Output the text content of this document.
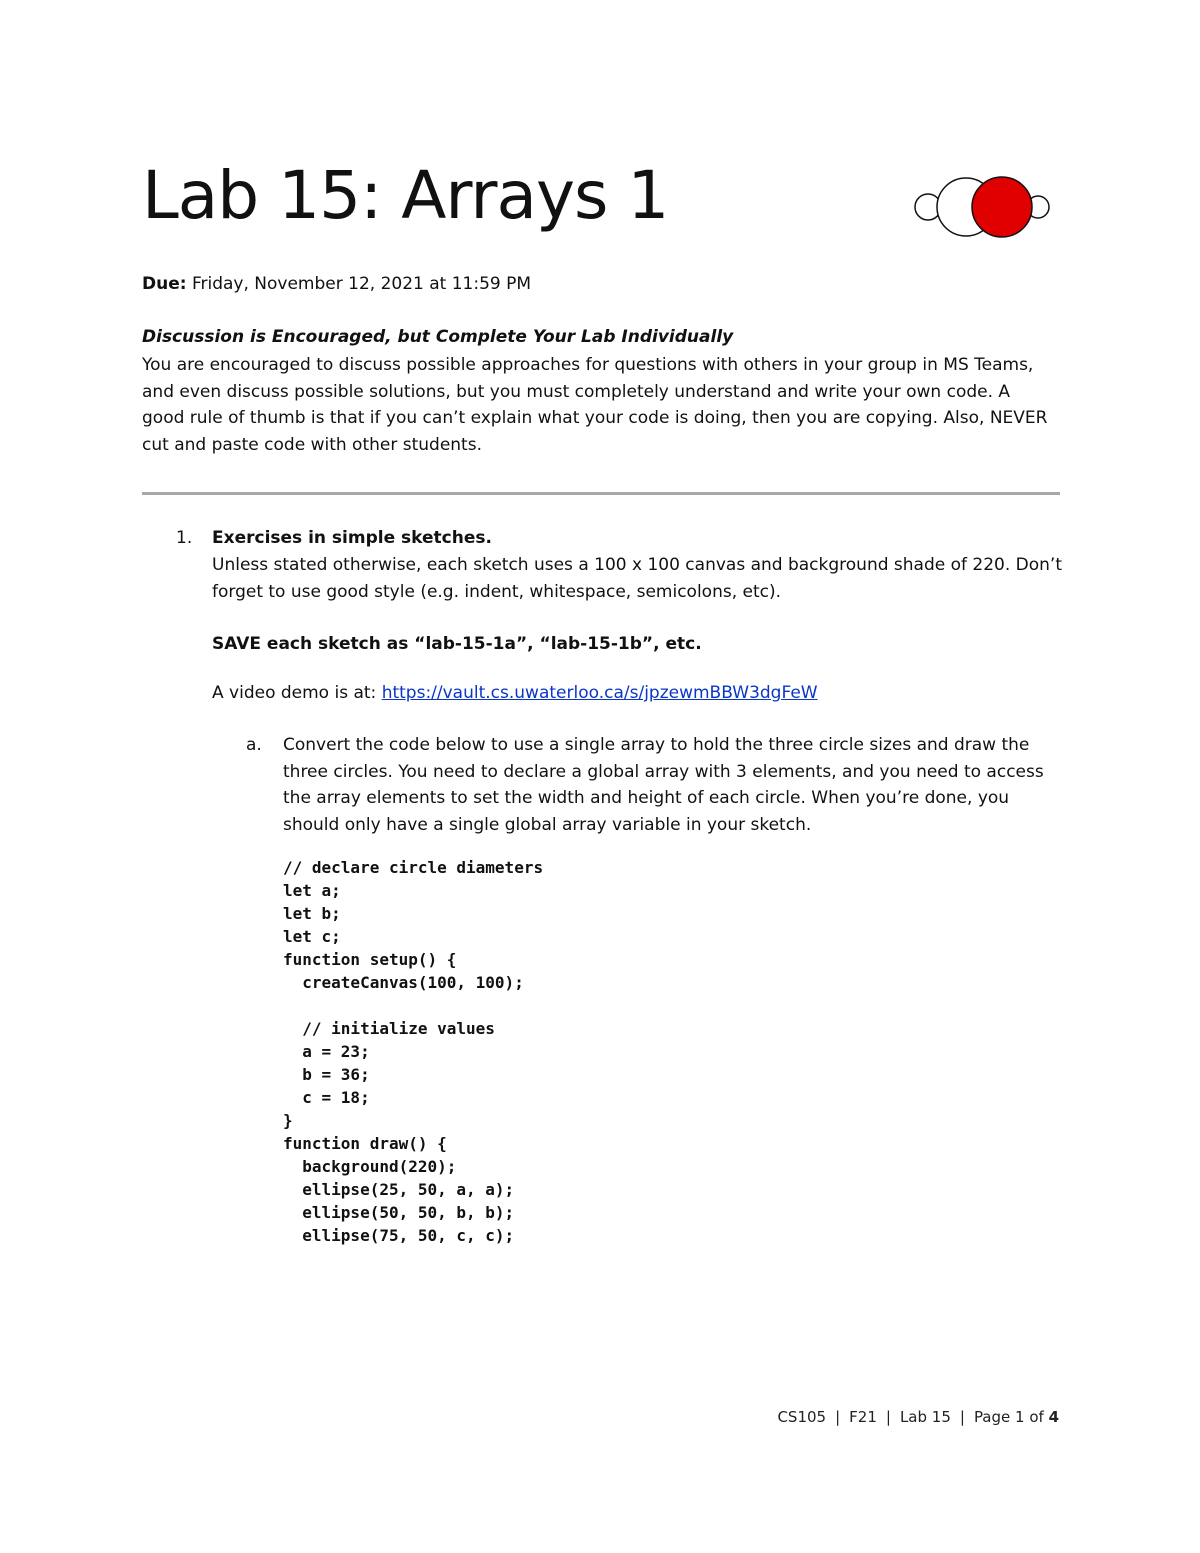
Lab 15: Arrays 1
Due: Friday, November 12, 2021 at 11:59 PM
Discussion is Encouraged, but Complete Your Lab Individually
You are encouraged to discuss possible approaches for questions with others in your group in MS Teams, and even discuss possible solutions, but you must completely understand and write your own code. A good rule of thumb is that if you can’t explain what your code is doing, then you are copying. Also, NEVER cut and paste code with other students.
1. Exercises in simple sketches.
Unless stated otherwise, each sketch uses a 100 x 100 canvas and background shade of 220. Don’t forget to use good style (e.g. indent, whitespace, semicolons, etc).
SAVE each sketch as “lab-15-1a”, “lab-15-1b”, etc.
A video demo is at: https://vault.cs.uwaterloo.ca/s/jpzewmBBW3dgFeW
a. Convert the code below to use a single array to hold the three circle sizes and draw the three circles. You need to declare a global array with 3 elements, and you need to access the array elements to set the width and height of each circle. When you’re done, you should only have a single global array variable in your sketch.
// declare circle diameters
let a;
let b;
let c;
function setup() {
createCanvas(100, 100);
// initialize values
a = 23;
b = 36;
c = 18;
}
function draw() {
background(220);
ellipse(25, 50, a, a);
ellipse(50, 50, b, b);
ellipse(75, 50, c, c);
CS105 | F21 | Lab 15 | Page 1 of 4
